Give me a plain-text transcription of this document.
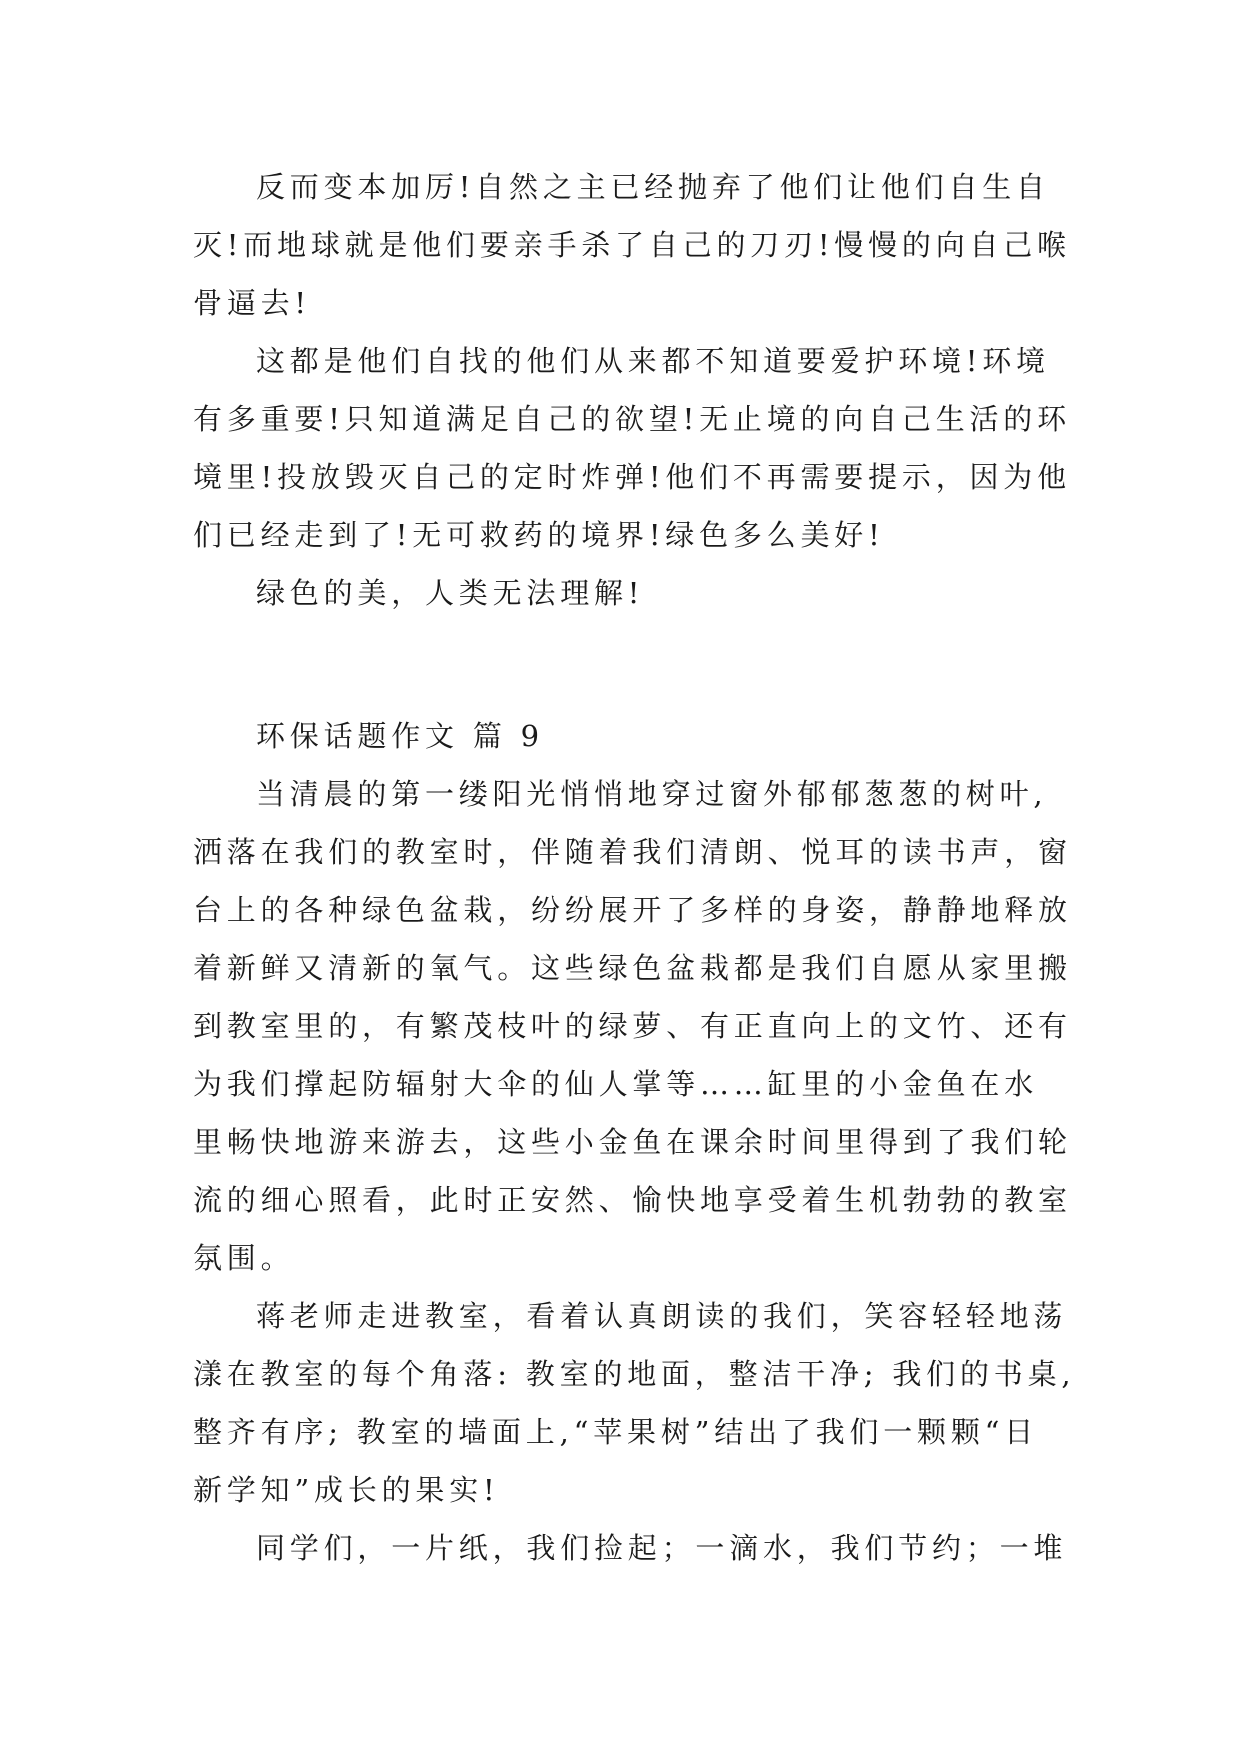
反而变本加厉!自然之主已经抛弃了他们让他们自生自
灭!而地球就是他们要亲手杀了自己的刀刃!慢慢的向自己喉
骨逼去!
这都是他们自找的他们从来都不知道要爱护环境!环境
有多重要!只知道满足自己的欲望!无止境的向自己生活的环
境里!投放毁灭自己的定时炸弹!他们不再需要提示，因为他
们已经走到了!无可救药的境界!绿色多么美好!
绿色的美，人类无法理解!
环保话题作文 篇 9
当清晨的第一缕阳光悄悄地穿过窗外郁郁葱葱的树叶,
洒落在我们的教室时，伴随着我们清朗、悦耳的读书声，窗
台上的各种绿色盆栽，纷纷展开了多样的身姿，静静地释放
着新鲜又清新的氧气。这些绿色盆栽都是我们自愿从家里搬
到教室里的，有繁茂枝叶的绿萝、有正直向上的文竹、还有
为我们撑起防辐射大伞的仙人掌等……缸里的小金鱼在水
里畅快地游来游去，这些小金鱼在课余时间里得到了我们轮
流的细心照看，此时正安然、愉快地享受着生机勃勃的教室
氛围。
蒋老师走进教室，看着认真朗读的我们，笑容轻轻地荡
漾在教室的每个角落: 教室的地面，整洁干净; 我们的书桌,
整齐有序; 教室的墙面上,“苹果树”结出了我们一颗颗“日
新学知”成长的果实!
同学们，一片纸，我们捡起；一滴水，我们节约；一堆
